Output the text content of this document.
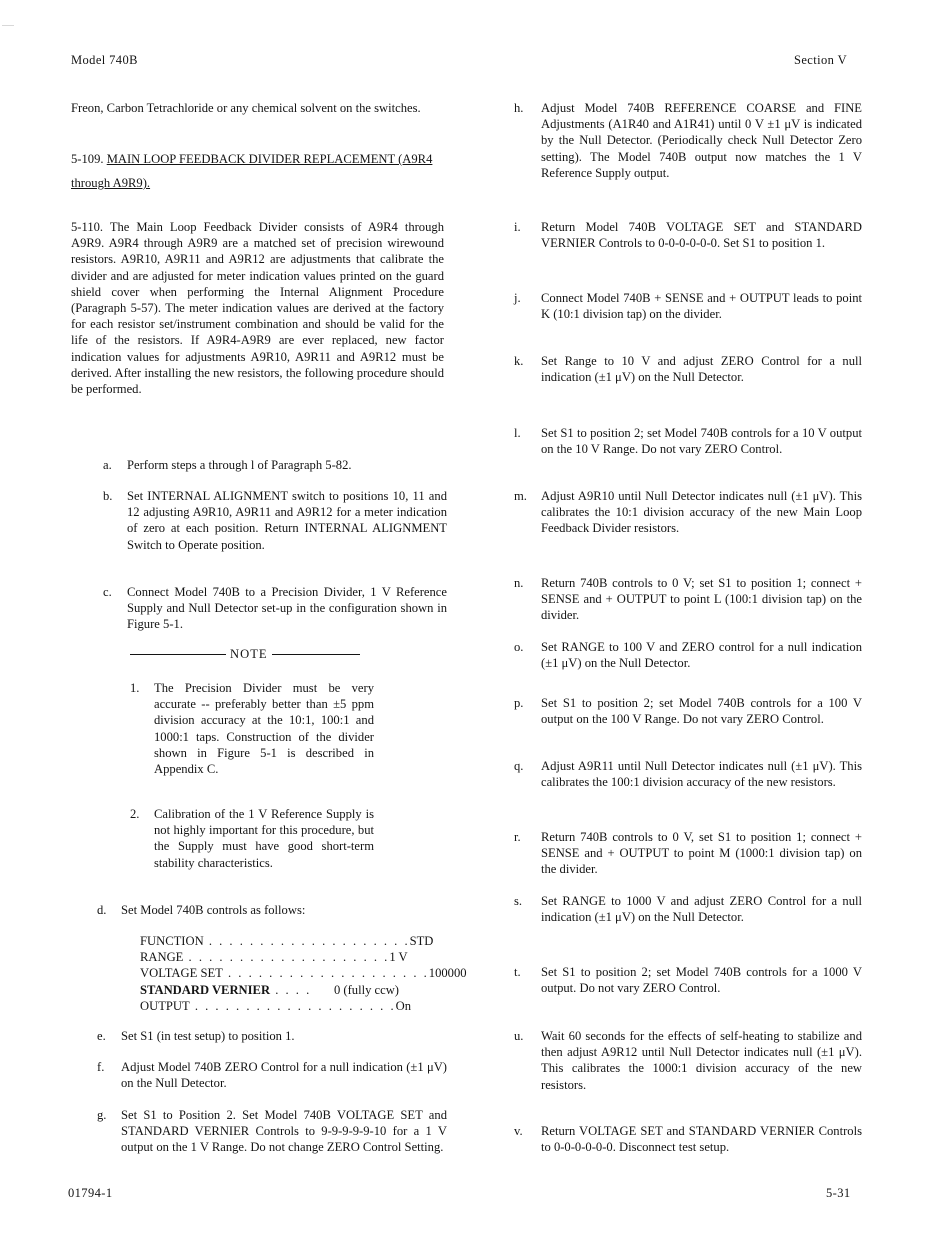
Model 740B	Section V

Freon, Carbon Tetrachloride or any chemical solvent on the switches.

5-109. MAIN LOOP FEEDBACK DIVIDER REPLACEMENT (A9R4 through A9R9).
5-110. The Main Loop Feedback Divider consists of A9R4 through A9R9. A9R4 through A9R9 are a matched set of precision wirewound resistors. A9R10, A9R11 and A9R12 are adjustments that calibrate the divider and are adjusted for meter indication values printed on the guard shield cover when performing the Internal Alignment Procedure (Paragraph 5-57). The meter indication values are derived at the factory for each resistor set/instrument combination and should be valid for the life of the resistors. If A9R4-A9R9 are ever replaced, new factor indication values for adjustments A9R10, A9R11 and A9R12 must be derived. After installing the new resistors, the following procedure should be performed.
a.	Perform steps a through l of Paragraph 5-82.
b.	Set INTERNAL ALIGNMENT switch to positions 10, 11 and 12 adjusting A9R10, A9R11 and A9R12 for a meter indication of zero at each position. Return INTERNAL ALIGNMENT Switch to Operate position.
c.	Connect Model 740B to a Precision Divider, 1 V Reference Supply and Null Detector set-up in the configuration shown in Figure 5-1.
NOTE
1.	The Precision Divider must be very accurate -- preferably better than ±5 ppm division accuracy at the 10:1, 100:1 and 1000:1 taps. Construction of the divider shown in Figure 5-1 is described in Appendix C.
2.	Calibration of the 1 V Reference Supply is not highly important for this procedure, but the Supply must have good short-term stability characteristics.
d.	Set Model 740B controls as follows:
FUNCTION . . . . . . . . . . . . . . . . . . . . STD
RANGE . . . . . . . . . . . . . . . . . . . . 1 V
VOLTAGE SET . . . . . . . . . . . . . . . . . . . . 100000
STANDARD VERNIER . . . .	0 (fully ccw)
OUTPUT . . . . . . . . . . . . . . . . . . . . On
e.	Set S1 (in test setup) to position 1.
f.	Adjust Model 740B ZERO Control for a null indication (±1 μV) on the Null Detector.
g.	Set S1 to Position 2. Set Model 740B VOLTAGE SET and STANDARD VERNIER Controls to 9-9-9-9-9-10 for a 1 V output on the 1 V Range. Do not change ZERO Control Setting.
h.	Adjust Model 740B REFERENCE COARSE and FINE Adjustments (A1R40 and A1R41) until 0 V ±1 μV is indicated by the Null Detector. (Periodically check Null Detector Zero setting). The Model 740B output now matches the 1 V Reference Supply output.
i.	Return Model 740B VOLTAGE SET and STANDARD VERNIER Controls to 0-0-0-0-0-0. Set S1 to position 1.
j.	Connect Model 740B + SENSE and + OUTPUT leads to point K (10:1 division tap) on the divider.
k.	Set Range to 10 V and adjust ZERO Control for a null indication (±1 μV) on the Null Detector.
l.	Set S1 to position 2; set Model 740B controls for a 10 V output on the 10 V Range. Do not vary ZERO Control.
m.	Adjust A9R10 until Null Detector indicates null (±1 μV). This calibrates the 10:1 division accuracy of the new Main Loop Feedback Divider resistors.
n.	Return 740B controls to 0 V; set S1 to position 1; connect + SENSE and + OUTPUT to point L (100:1 division tap) on the divider.
o.	Set RANGE to 100 V and ZERO control for a null indication (±1 μV) on the Null Detector.
p.	Set S1 to position 2; set Model 740B controls for a 100 V output on the 100 V Range. Do not vary ZERO Control.
q.	Adjust A9R11 until Null Detector indicates null (±1 μV). This calibrates the 100:1 division accuracy of the new resistors.
r.	Return 740B controls to 0 V, set S1 to position 1; connect + SENSE and + OUTPUT to point M (1000:1 division tap) on the divider.
s.	Set RANGE to 1000 V and adjust ZERO Control for a null indication (±1 μV) on the Null Detector.
t.	Set S1 to position 2; set Model 740B controls for a 1000 V output. Do not vary ZERO Control.
u.	Wait 60 seconds for the effects of self-heating to stabilize and then adjust A9R12 until Null Detector indicates null (±1 μV). This calibrates the 1000:1 division accuracy of the new resistors.
v.	Return VOLTAGE SET and STANDARD VERNIER Controls to 0-0-0-0-0-0. Disconnect test setup.
01794-1	5-31
